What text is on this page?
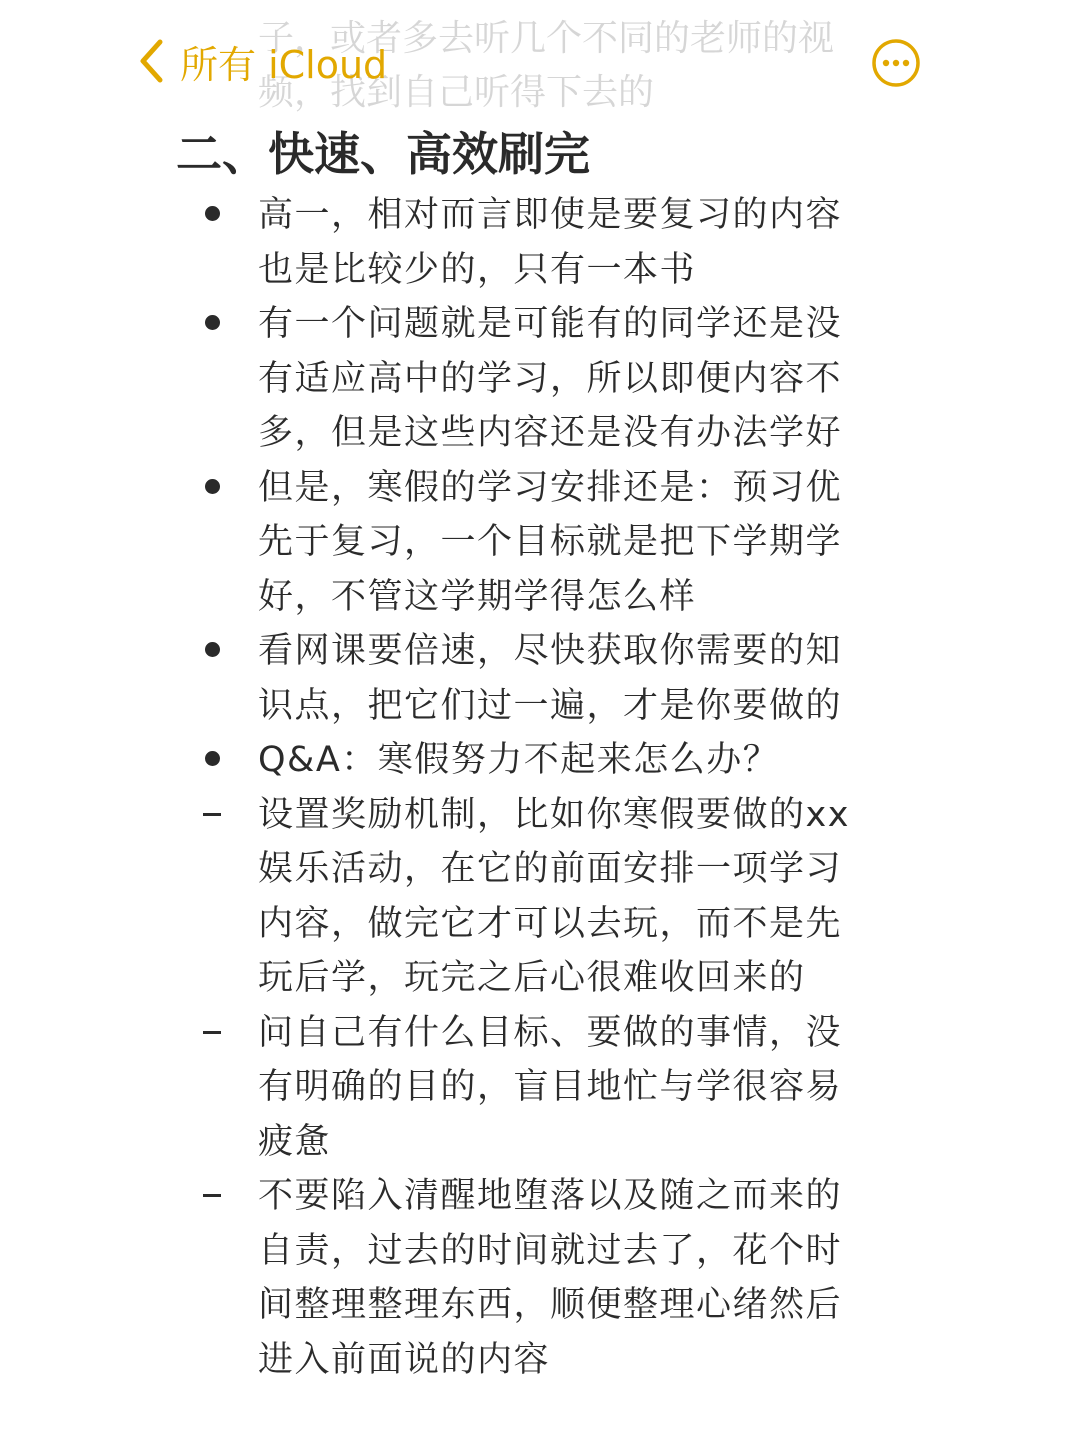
子，或者多去听几个不同的老师的视
频，找到自己听得下去的
所有 iCloud
二、快速、高效刷完
高一，相对而言即使是要复习的内容
也是比较少的，只有一本书
有一个问题就是可能有的同学还是没
有适应高中的学习，所以即便内容不
多，但是这些内容还是没有办法学好
但是，寒假的学习安排还是：预习优
先于复习，一个目标就是把下学期学
好，不管这学期学得怎么样
看网课要倍速，尽快获取你需要的知
识点，把它们过一遍，才是你要做的
Q&A：寒假努力不起来怎么办？
设置奖励机制，比如你寒假要做的xx
娱乐活动，在它的前面安排一项学习
内容，做完它才可以去玩，而不是先
玩后学，玩完之后心很难收回来的
问自己有什么目标、要做的事情，没
有明确的目的，盲目地忙与学很容易
疲惫
不要陷入清醒地堕落以及随之而来的
自责，过去的时间就过去了，花个时
间整理整理东西，顺便整理心绪然后
进入前面说的内容
